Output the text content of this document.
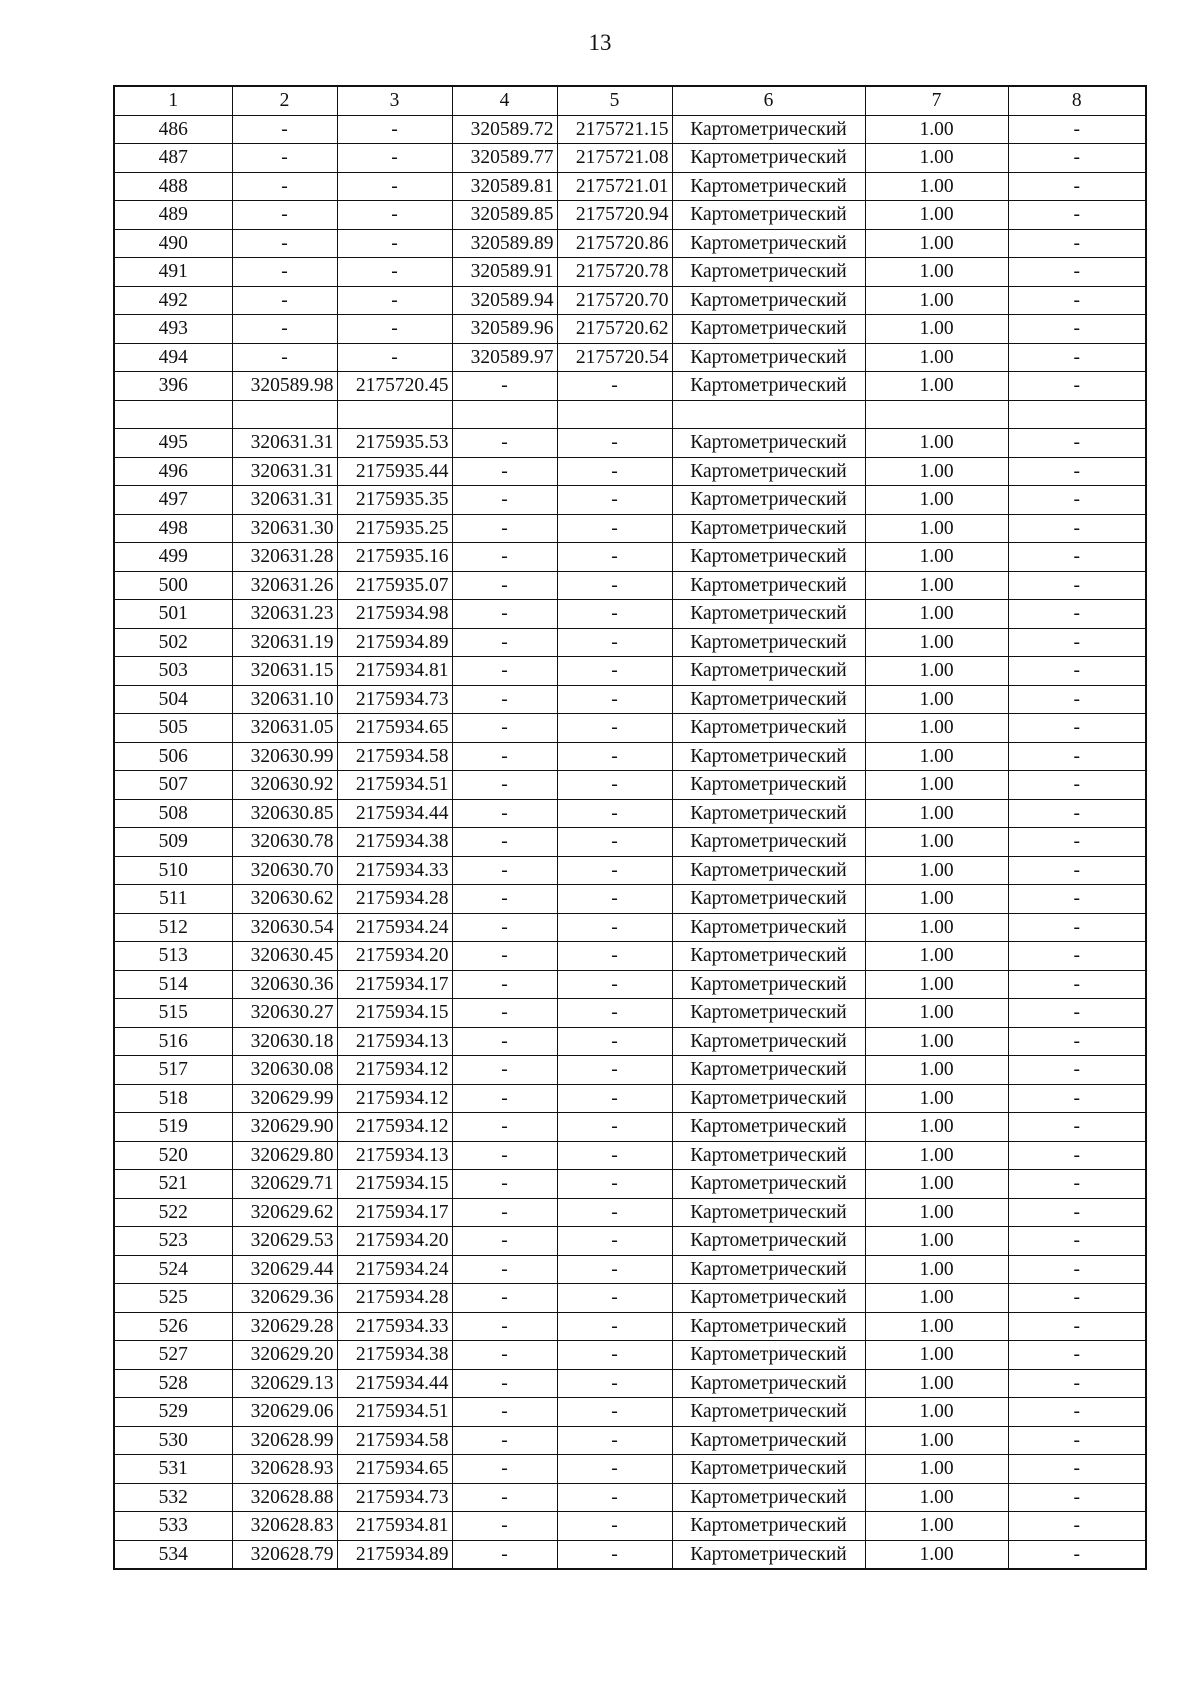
13
1	2	3	4	5	6	7	8
486	-	-	320589.72	2175721.15	Картометрический	1.00	-
487	-	-	320589.77	2175721.08	Картометрический	1.00	-
488	-	-	320589.81	2175721.01	Картометрический	1.00	-
489	-	-	320589.85	2175720.94	Картометрический	1.00	-
490	-	-	320589.89	2175720.86	Картометрический	1.00	-
491	-	-	320589.91	2175720.78	Картометрический	1.00	-
492	-	-	320589.94	2175720.70	Картометрический	1.00	-
493	-	-	320589.96	2175720.62	Картометрический	1.00	-
494	-	-	320589.97	2175720.54	Картометрический	1.00	-
396	320589.98	2175720.45	-	-	Картометрический	1.00	-

495	320631.31	2175935.53	-	-	Картометрический	1.00	-
496	320631.31	2175935.44	-	-	Картометрический	1.00	-
497	320631.31	2175935.35	-	-	Картометрический	1.00	-
498	320631.30	2175935.25	-	-	Картометрический	1.00	-
499	320631.28	2175935.16	-	-	Картометрический	1.00	-
500	320631.26	2175935.07	-	-	Картометрический	1.00	-
501	320631.23	2175934.98	-	-	Картометрический	1.00	-
502	320631.19	2175934.89	-	-	Картометрический	1.00	-
503	320631.15	2175934.81	-	-	Картометрический	1.00	-
504	320631.10	2175934.73	-	-	Картометрический	1.00	-
505	320631.05	2175934.65	-	-	Картометрический	1.00	-
506	320630.99	2175934.58	-	-	Картометрический	1.00	-
507	320630.92	2175934.51	-	-	Картометрический	1.00	-
508	320630.85	2175934.44	-	-	Картометрический	1.00	-
509	320630.78	2175934.38	-	-	Картометрический	1.00	-
510	320630.70	2175934.33	-	-	Картометрический	1.00	-
511	320630.62	2175934.28	-	-	Картометрический	1.00	-
512	320630.54	2175934.24	-	-	Картометрический	1.00	-
513	320630.45	2175934.20	-	-	Картометрический	1.00	-
514	320630.36	2175934.17	-	-	Картометрический	1.00	-
515	320630.27	2175934.15	-	-	Картометрический	1.00	-
516	320630.18	2175934.13	-	-	Картометрический	1.00	-
517	320630.08	2175934.12	-	-	Картометрический	1.00	-
518	320629.99	2175934.12	-	-	Картометрический	1.00	-
519	320629.90	2175934.12	-	-	Картометрический	1.00	-
520	320629.80	2175934.13	-	-	Картометрический	1.00	-
521	320629.71	2175934.15	-	-	Картометрический	1.00	-
522	320629.62	2175934.17	-	-	Картометрический	1.00	-
523	320629.53	2175934.20	-	-	Картометрический	1.00	-
524	320629.44	2175934.24	-	-	Картометрический	1.00	-
525	320629.36	2175934.28	-	-	Картометрический	1.00	-
526	320629.28	2175934.33	-	-	Картометрический	1.00	-
527	320629.20	2175934.38	-	-	Картометрический	1.00	-
528	320629.13	2175934.44	-	-	Картометрический	1.00	-
529	320629.06	2175934.51	-	-	Картометрический	1.00	-
530	320628.99	2175934.58	-	-	Картометрический	1.00	-
531	320628.93	2175934.65	-	-	Картометрический	1.00	-
532	320628.88	2175934.73	-	-	Картометрический	1.00	-
533	320628.83	2175934.81	-	-	Картометрический	1.00	-
534	320628.79	2175934.89	-	-	Картометрический	1.00	-
